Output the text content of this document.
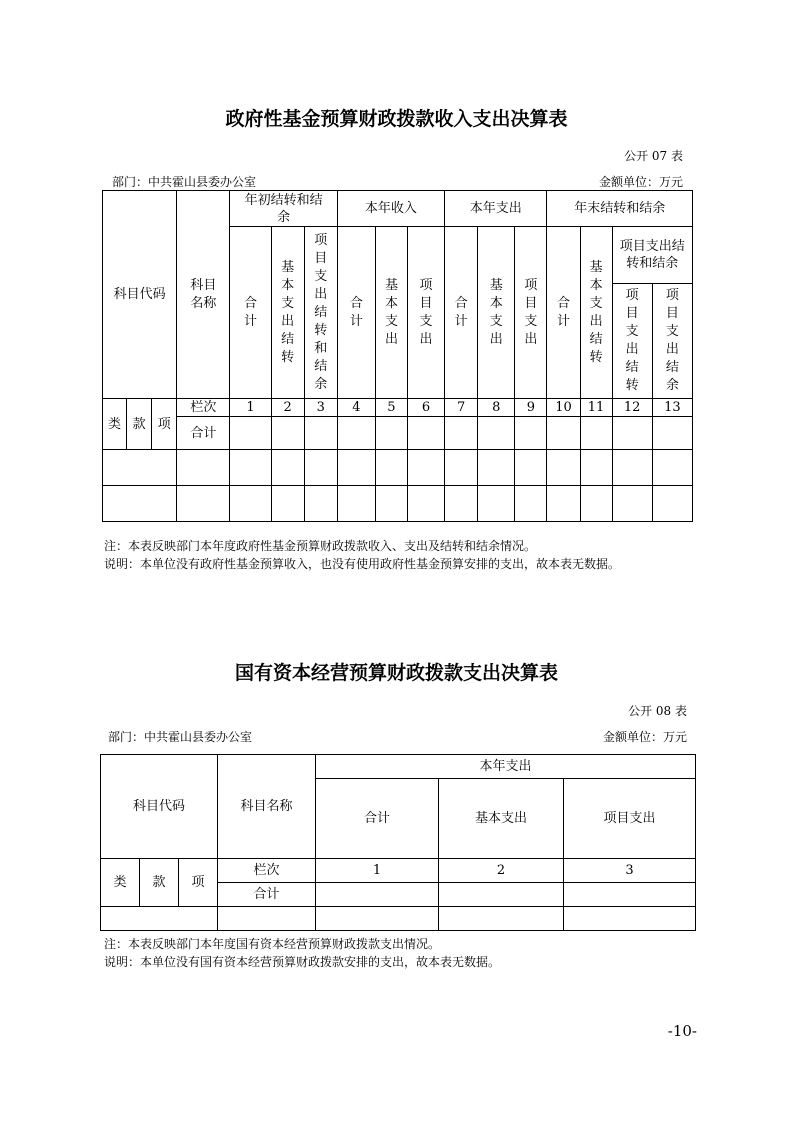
政府性基金预算财政拨款收入支出决算表
公开 07 表
部门：中共霍山县委办公室	金额单位：万元
科目代码			科目名称	年初结转和结余			本年收入			本年支出			年末结转和结余			
				合计	基本支出结转	项目支出结转和结余	合计	基本支出	项目支出	合计	基本支出	项目支出	合计	基本支出结转	项目支出结转和结余	
															项目支出结转	项目支出结余
类	款	项	栏次	1	2	3	4	5	6	7	8	9	10	11	12	13
			合计													

注：本表反映部门本年度政府性基金预算财政拨款收入、支出及结转和结余情况。
说明：本单位没有政府性基金预算收入，也没有使用政府性基金预算安排的支出，故本表无数据。
国有资本经营预算财政拨款支出决算表
公开 08 表
部门：中共霍山县委办公室	金额单位：万元
科目代码			科目名称	本年支出		
				合计	基本支出	项目支出
类	款	项	栏次	1	2	3
			合计			

注：本表反映部门本年度国有资本经营预算财政拨款支出情况。
说明：本单位没有国有资本经营预算财政拨款安排的支出，故本表无数据。
-10-
